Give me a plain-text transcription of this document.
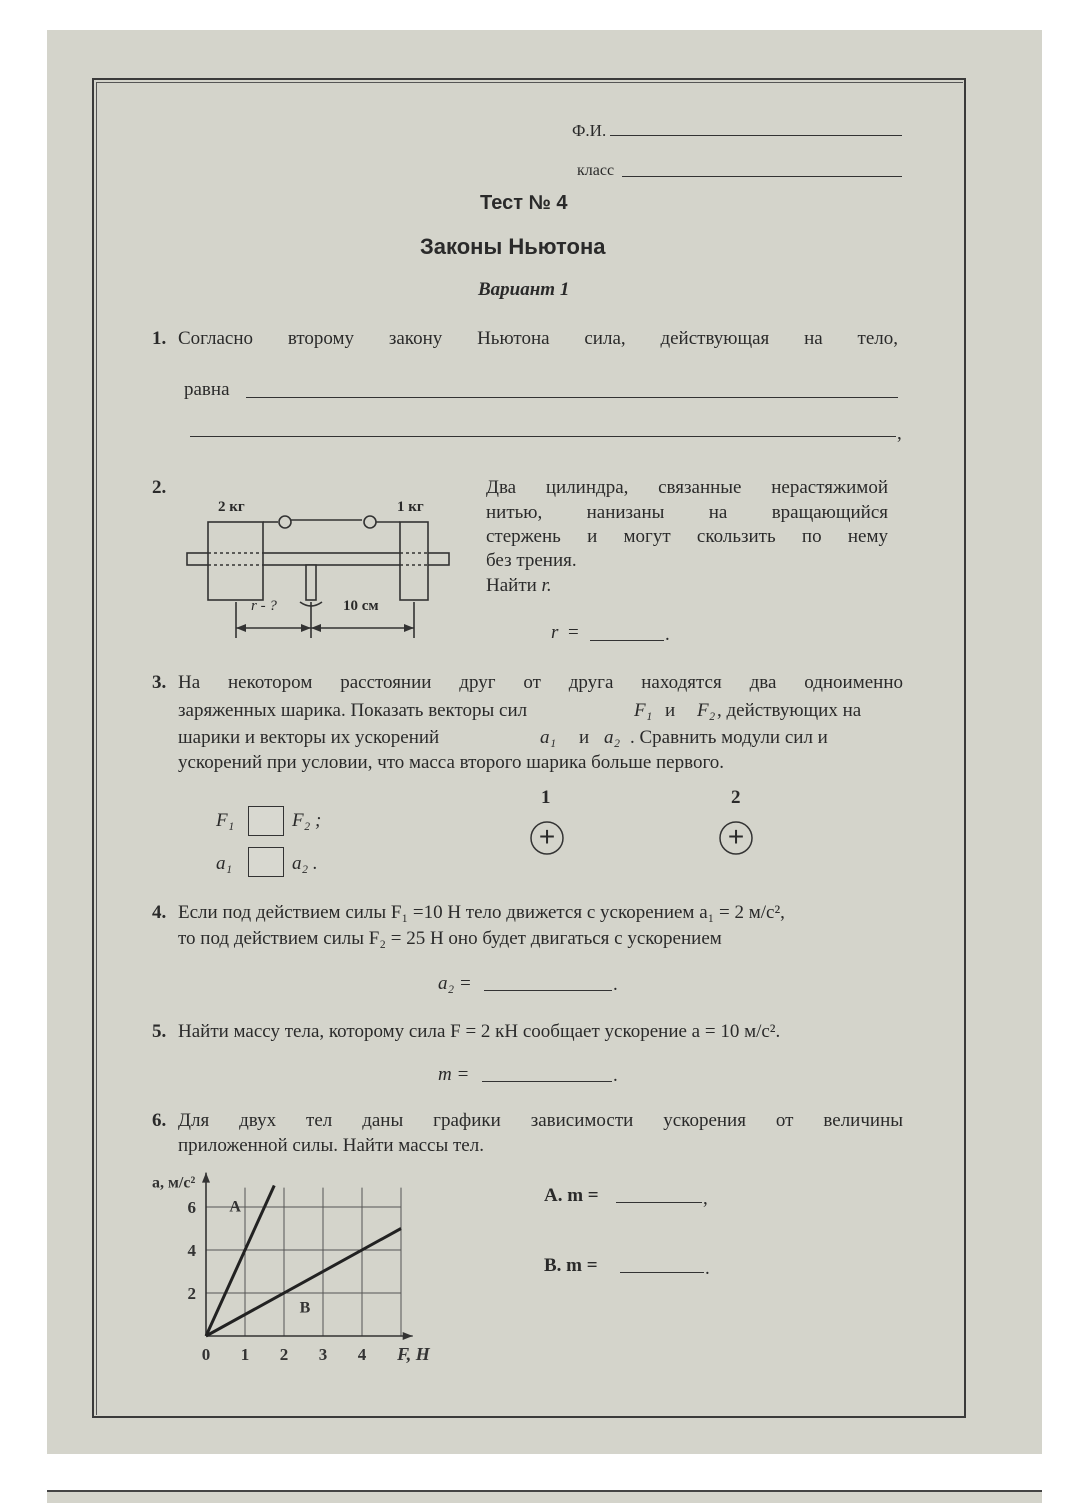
Ф.И.
класс
Тест № 4
Законы Ньютона
Вариант 1
1. Согласно второму закону Ньютона сила, действующая на тело,
равна
,
2.
2 кг	1 кг
r - ?	10 см
Два цилиндра, связанные нерастяжимой
нитью, нанизаны на вращающийся
стержень и могут скользить по нему
без трения.
Найти r.
r =	.
3. На некотором расстоянии друг от друга находятся два одноименно
заряженных шарика. Показать векторы сил	F₁ и F₂ , действующих на
шарики и векторы их ускорений	a₁ и a₂ . Сравнить модули сил и
ускорений при условии, что масса второго шарика больше первого.
F₁	F₂ ;
a₁	a₂ .
1	2
+	+
4. Если под действием силы F₁ =10 Н тело движется с ускорением a₁ = 2 м/с²,
то под действием силы F₂ = 25 Н оно будет двигаться с ускорением
a₂ =	.
5. Найти массу тела, которому сила F = 2 кН сообщает ускорение a = 10 м/с².
m =	.
6. Для двух тел даны графики зависимости ускорения от величины
приложенной силы. Найти массы тел.
А. m =	,
В. m =	.
0 1 2 3 4
2
4
6
F, Н
a, м/с²
А
В
